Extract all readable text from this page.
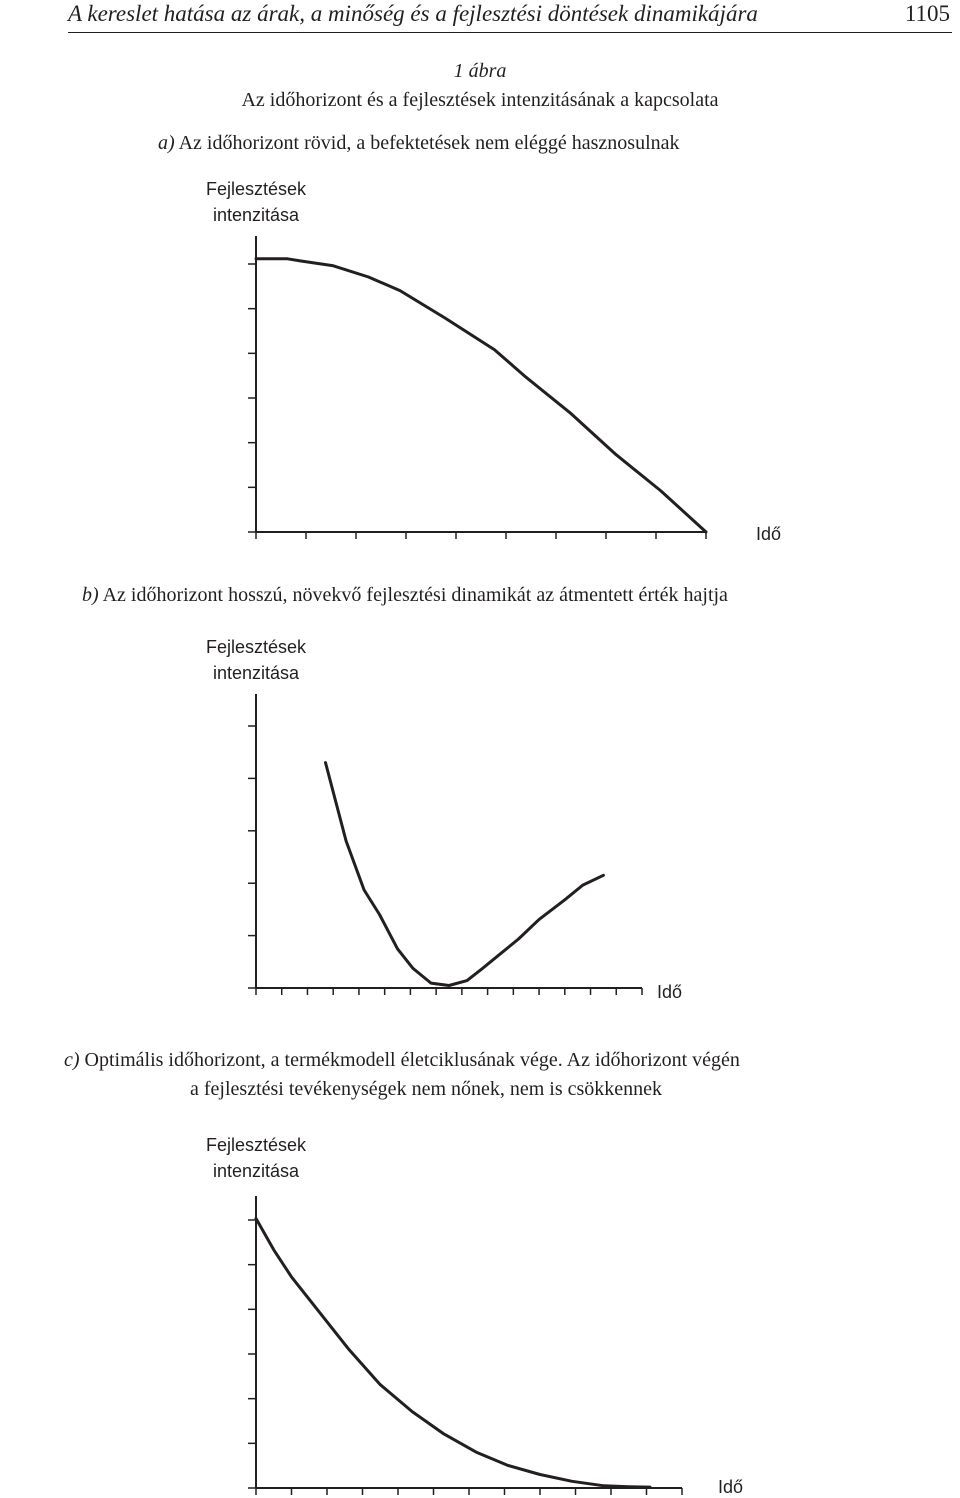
A kereslet hatása az árak, a minőség és a fejlesztési döntések dinamikájára	1105
1 ábra
Az időhorizont és a fejlesztések intenzitásának a kapcsolata
a) Az időhorizont rövid, a befektetések nem eléggé hasznosulnak
Fejlesztések
intenzitása
Idő
b) Az időhorizont hosszú, növekvő fejlesztési dinamikát az átmentett érték hajtja
Fejlesztések
intenzitása
Idő
c) Optimális időhorizont, a termékmodell életciklusának vége. Az időhorizont végén
a fejlesztési tevékenységek nem nőnek, nem is csökkennek
Fejlesztések
intenzitása
Idő
